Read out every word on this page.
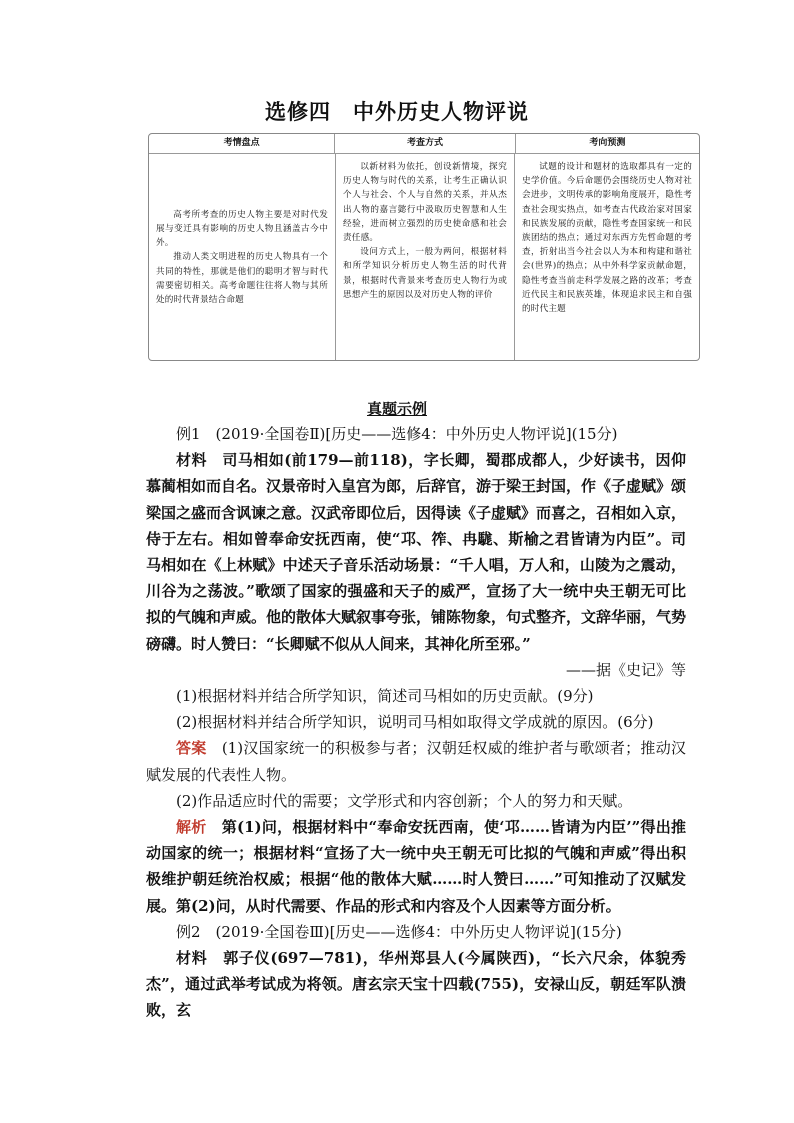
选修四 中外历史人物评说
考情盘点	考查方式	考向预测

高考所考查的历史人物主要是对时代发展与变迁具有影响的历史人物且涵盖古今中外。

推动人类文明进程的历史人物具有一个共同的特性，那就是他们的聪明才智与时代需要密切相关。高考命题往往将人物与其所处的时代背景结合命题

以新材料为依托，创设新情境，探究历史人物与时代的关系，让考生正确认识个人与社会、个人与自然的关系，并从杰出人物的嘉言懿行中汲取历史智慧和人生经验，进而树立强烈的历史使命感和社会责任感。

设问方式上，一般为两问，根据材料和所学知识分析历史人物生活的时代背景，根据时代背景来考查历史人物行为或思想产生的原因以及对历史人物的评价

试题的设计和题材的选取都具有一定的史学价值。今后命题仍会围绕历史人物对社会进步，文明传承的影响角度展开，隐性考查社会现实热点，如考查古代政治家对国家和民族发展的贡献，隐性考查国家统一和民族团结的热点；通过对东西方先哲命题的考查，折射出当今社会以人为本和构建和谐社会(世界)的热点；从中外科学家贡献命题，隐性考查当前走科学发展之路的改革；考查近代民主和民族英雄，体现追求民主和自强的时代主题

真题示例

例1　(2019·全国卷Ⅱ)[历史——选修4：中外历史人物评说](15分)

材料　 司马相如(前179—前118)，字长卿，蜀郡成都人，少好读书，因仰慕蔺相如而自名。汉景帝时入皇宫为郎，后辞官，游于梁王封国，作《子虚赋》颂梁国之盛而含讽谏之意。汉武帝即位后，因得读《子虚赋》而喜之，召相如入京，侍于左右。相如曾奉命安抚西南，使“邛、筰、冉駹、斯榆之君皆请为内臣”。司马相如在《上林赋》中述天子音乐活动场景：“千人唱，万人和，山陵为之震动，川谷为之荡波。”歌颂了国家的强盛和天子的威严，宣扬了大一统中央王朝无可比拟的气魄和声威。他的散体大赋叙事夸张，铺陈物象，句式整齐，文辞华丽，气势磅礴。时人赞曰：“长卿赋不似从人间来，其神化所至邪。”

——据《史记》等

(1)根据材料并结合所学知识，简述司马相如的历史贡献。(9分)

(2)根据材料并结合所学知识，说明司马相如取得文学成就的原因。(6分)

答案　 (1)汉国家统一的积极参与者；汉朝廷权威的维护者与歌颂者；推动汉赋发展的代表性人物。

(2)作品适应时代的需要；文学形式和内容创新；个人的努力和天赋。

解析　 第(1)问，根据材料中“奉命安抚西南，使‘邛……皆请为内臣’”得出推动国家的统一；根据材料“宣扬了大一统中央王朝无可比拟的气魄和声威”得出积极维护朝廷统治权威；根据“他的散体大赋……时人赞曰……”可知推动了汉赋发展。第(2)问，从时代需要、作品的形式和内容及个人因素等方面分析。

例2　(2019·全国卷Ⅲ)[历史——选修4：中外历史人物评说](15分)

材料　 郭子仪(697—781)，华州郑县人(今属陕西)，“长六尺余，体貌秀杰”，通过武举考试成为将领。唐玄宗天宝十四载(755)，安禄山反，朝廷军队溃败，玄
